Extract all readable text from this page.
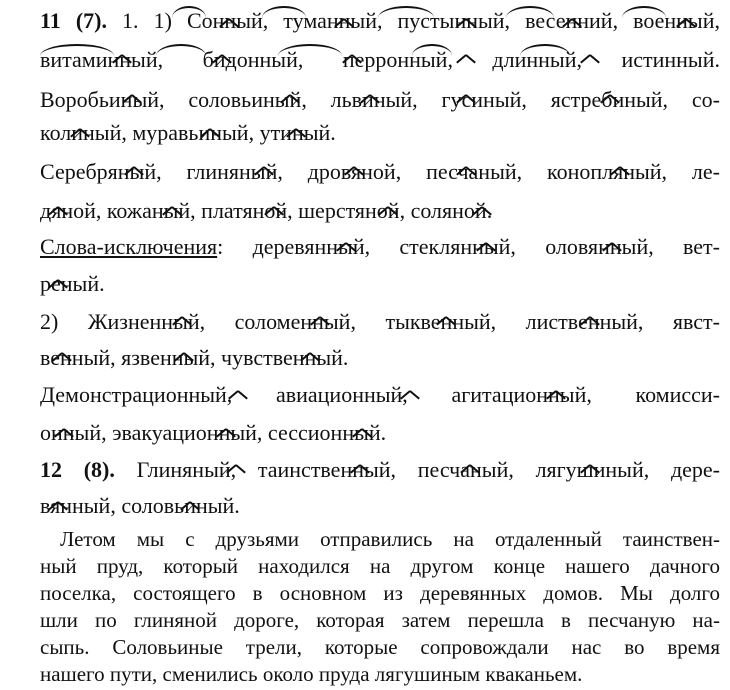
11 (7). 1. 1) Сонный, туманный, пустынный, весенний, военный,
витаминный, бидонный, перронный, длинный, истинный.
Воробьиный, соловьиный, львиный, гусиный, ястребиный, со-
колиный, муравьиный, утиный.
Серебряный, глиняный, дровяной, песчаный, конопляный, ле-
дяной, кожаный, платяной, шерстяной, соляной.
Слова-исключения: деревянный, стеклянный, оловянный, вет-
реный.
2) Жизненный, соломенный, тыквенный, лиственный, явст-
венный, язвенный, чувственный.
Демонстрационный, авиационный, агитационный, комисси-
онный, эвакуационный, сессионный.
12 (8). Глиняный, таинственный, песчаный, лягушиный, дере-
вянный, соловьиный.
Летом мы с друзьями отправились на отдаленный таинствен-
ный пруд, который находился на другом конце нашего дачного
поселка, состоящего в основном из деревянных домов. Мы долго
шли по глиняной дороге, которая затем перешла в песчаную на-
сыпь. Соловьиные трели, которые сопровождали нас во время
нашего пути, сменились около пруда лягушиным кваканьем.
